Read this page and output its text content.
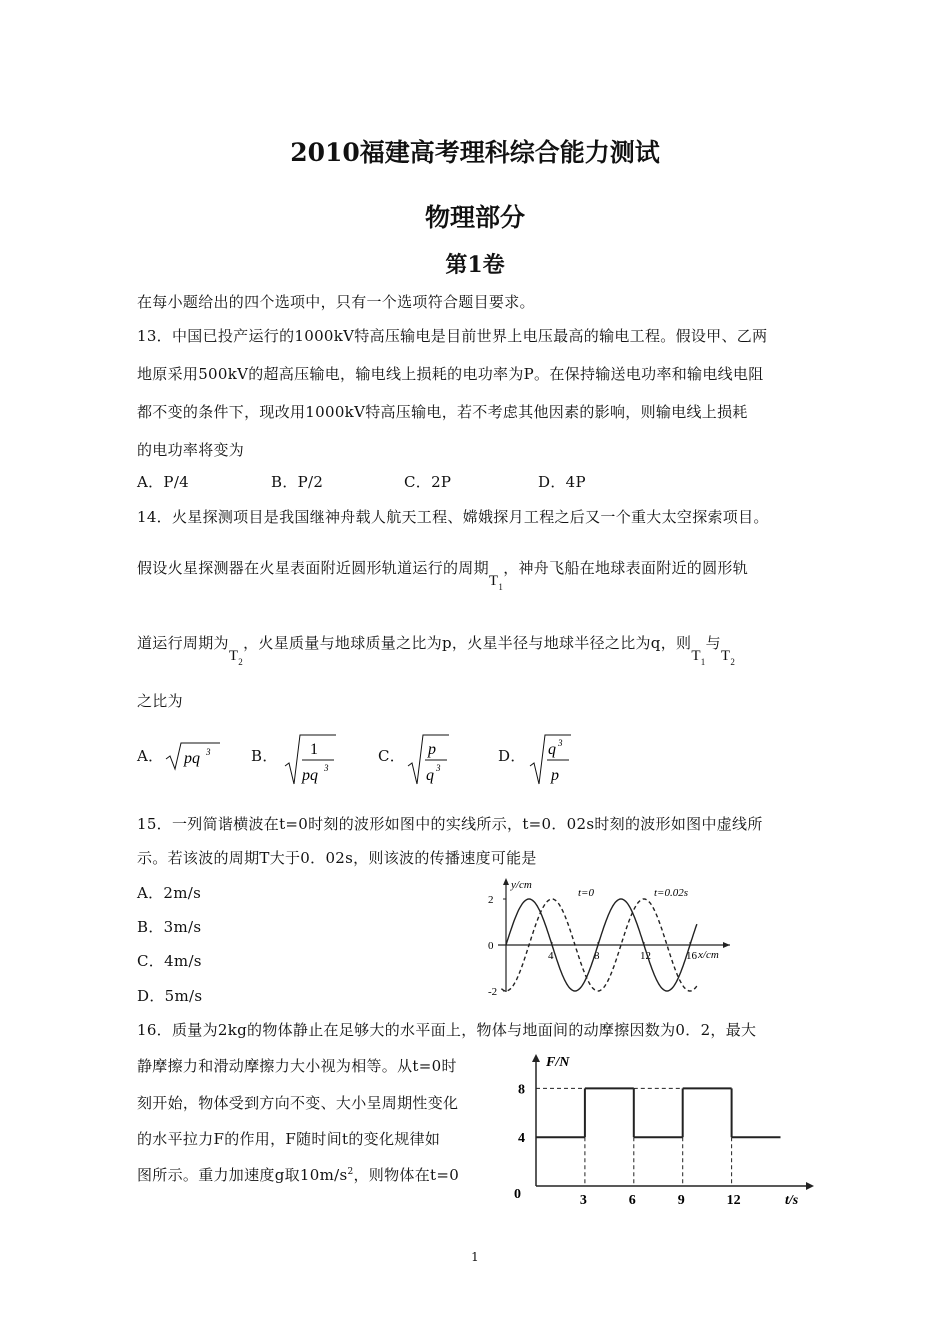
2010福建高考理科综合能力测试
物理部分
第1卷
在每小题给出的四个选项中，只有一个选项符合题目要求。
13．中国已投产运行的1000kV特高压输电是目前世界上电压最高的输电工程。假设甲、乙两
地原采用500kV的超高压输电，输电线上损耗的电功率为P。在保持输送电功率和输电线电阻
都不变的条件下，现改用1000kV特高压输电，若不考虑其他因素的影响，则输电线上损耗
的电功率将变为
A．P/4	B．P/2	C．2P	D．4P
14．火星探测项目是我国继神舟载人航天工程、嫦娥探月工程之后又一个重大太空探索项目。
假设火星探测器在火星表面附近圆形轨道运行的周期$T_1$，神舟飞船在地球表面附近的圆形轨
道运行周期为$T_2$，火星质量与地球质量之比为p，火星半径与地球半径之比为q，则$T_1$与$T_2$
之比为
A． pq 3	B． 1
pq 3
C． p
q 3
D． q 3
p
15．一列简谐横波在t=0时刻的波形如图中的实线所示，t=0．02s时刻的波形如图中虚线所
示。若该波的周期T大于0．02s，则该波的传播速度可能是
A．2m/s
B．3m/s
C．4m/s
D．5m/s
y/cm
x/cm
t=0	t=0.02s
2
0
-2
4	8	12	16
16．质量为2kg的物体静止在足够大的水平面上，物体与地面间的动摩擦因数为0．2，最大
静摩擦力和滑动摩擦力大小视为相等。从t=0时
刻开始，物体受到方向不变、大小呈周期性变化
的水平拉力F的作用，F随时间t的变化规律如
图所示。重力加速度g取$10m/s^2$，则物体在t=0
F/N
t/s
8
4
0	3	6	9	12
1
